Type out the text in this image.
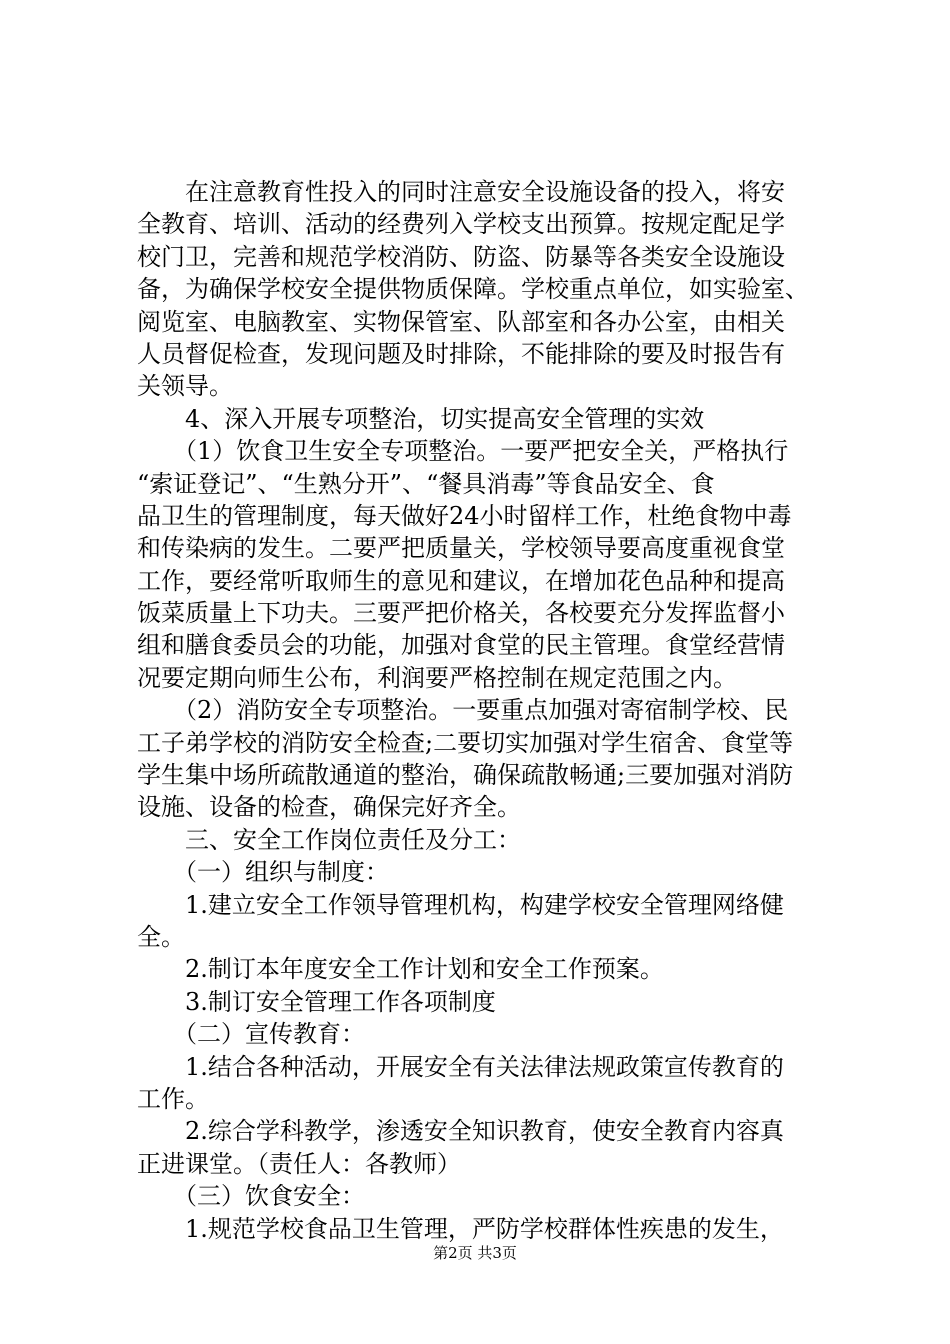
　　在注意教育性投入的同时注意安全设施设备的投入，将安
全教育、培训、活动的经费列入学校支出预算。按规定配足学
校门卫，完善和规范学校消防、防盗、防暴等各类安全设施设
备，为确保学校安全提供物质保障。学校重点单位，如实验室、
阅览室、电脑教室、实物保管室、队部室和各办公室，由相关
人员督促检查，发现问题及时排除，不能排除的要及时报告有
关领导。
　　4、深入开展专项整治，切实提高安全管理的实效
　　（1）饮食卫生安全专项整治。一要严把安全关，严格执行
“索证登记”、“生熟分开”、“餐具消毒”等食品安全、食
品卫生的管理制度，每天做好24小时留样工作，杜绝食物中毒
和传染病的发生。二要严把质量关，学校领导要高度重视食堂
工作，要经常听取师生的意见和建议，在增加花色品种和提高
饭菜质量上下功夫。三要严把价格关，各校要充分发挥监督小
组和膳食委员会的功能，加强对食堂的民主管理。食堂经营情
况要定期向师生公布，利润要严格控制在规定范围之内。
　　（2）消防安全专项整治。一要重点加强对寄宿制学校、民
工子弟学校的消防安全检查;二要切实加强对学生宿舍、食堂等
学生集中场所疏散通道的整治，确保疏散畅通;三要加强对消防
设施、设备的检查，确保完好齐全。
　　三、安全工作岗位责任及分工：
　　（一）组织与制度：
　　1.建立安全工作领导管理机构，构建学校安全管理网络健
全。
　　2.制订本年度安全工作计划和安全工作预案。
　　3.制订安全管理工作各项制度
　　（二）宣传教育：
　　1.结合各种活动，开展安全有关法律法规政策宣传教育的
工作。
　　2.综合学科教学，渗透安全知识教育，使安全教育内容真
正进课堂。（责任人：各教师）
　　（三）饮食安全：
　　1.规范学校食品卫生管理，严防学校群体性疾患的发生，
第2页 共3页
